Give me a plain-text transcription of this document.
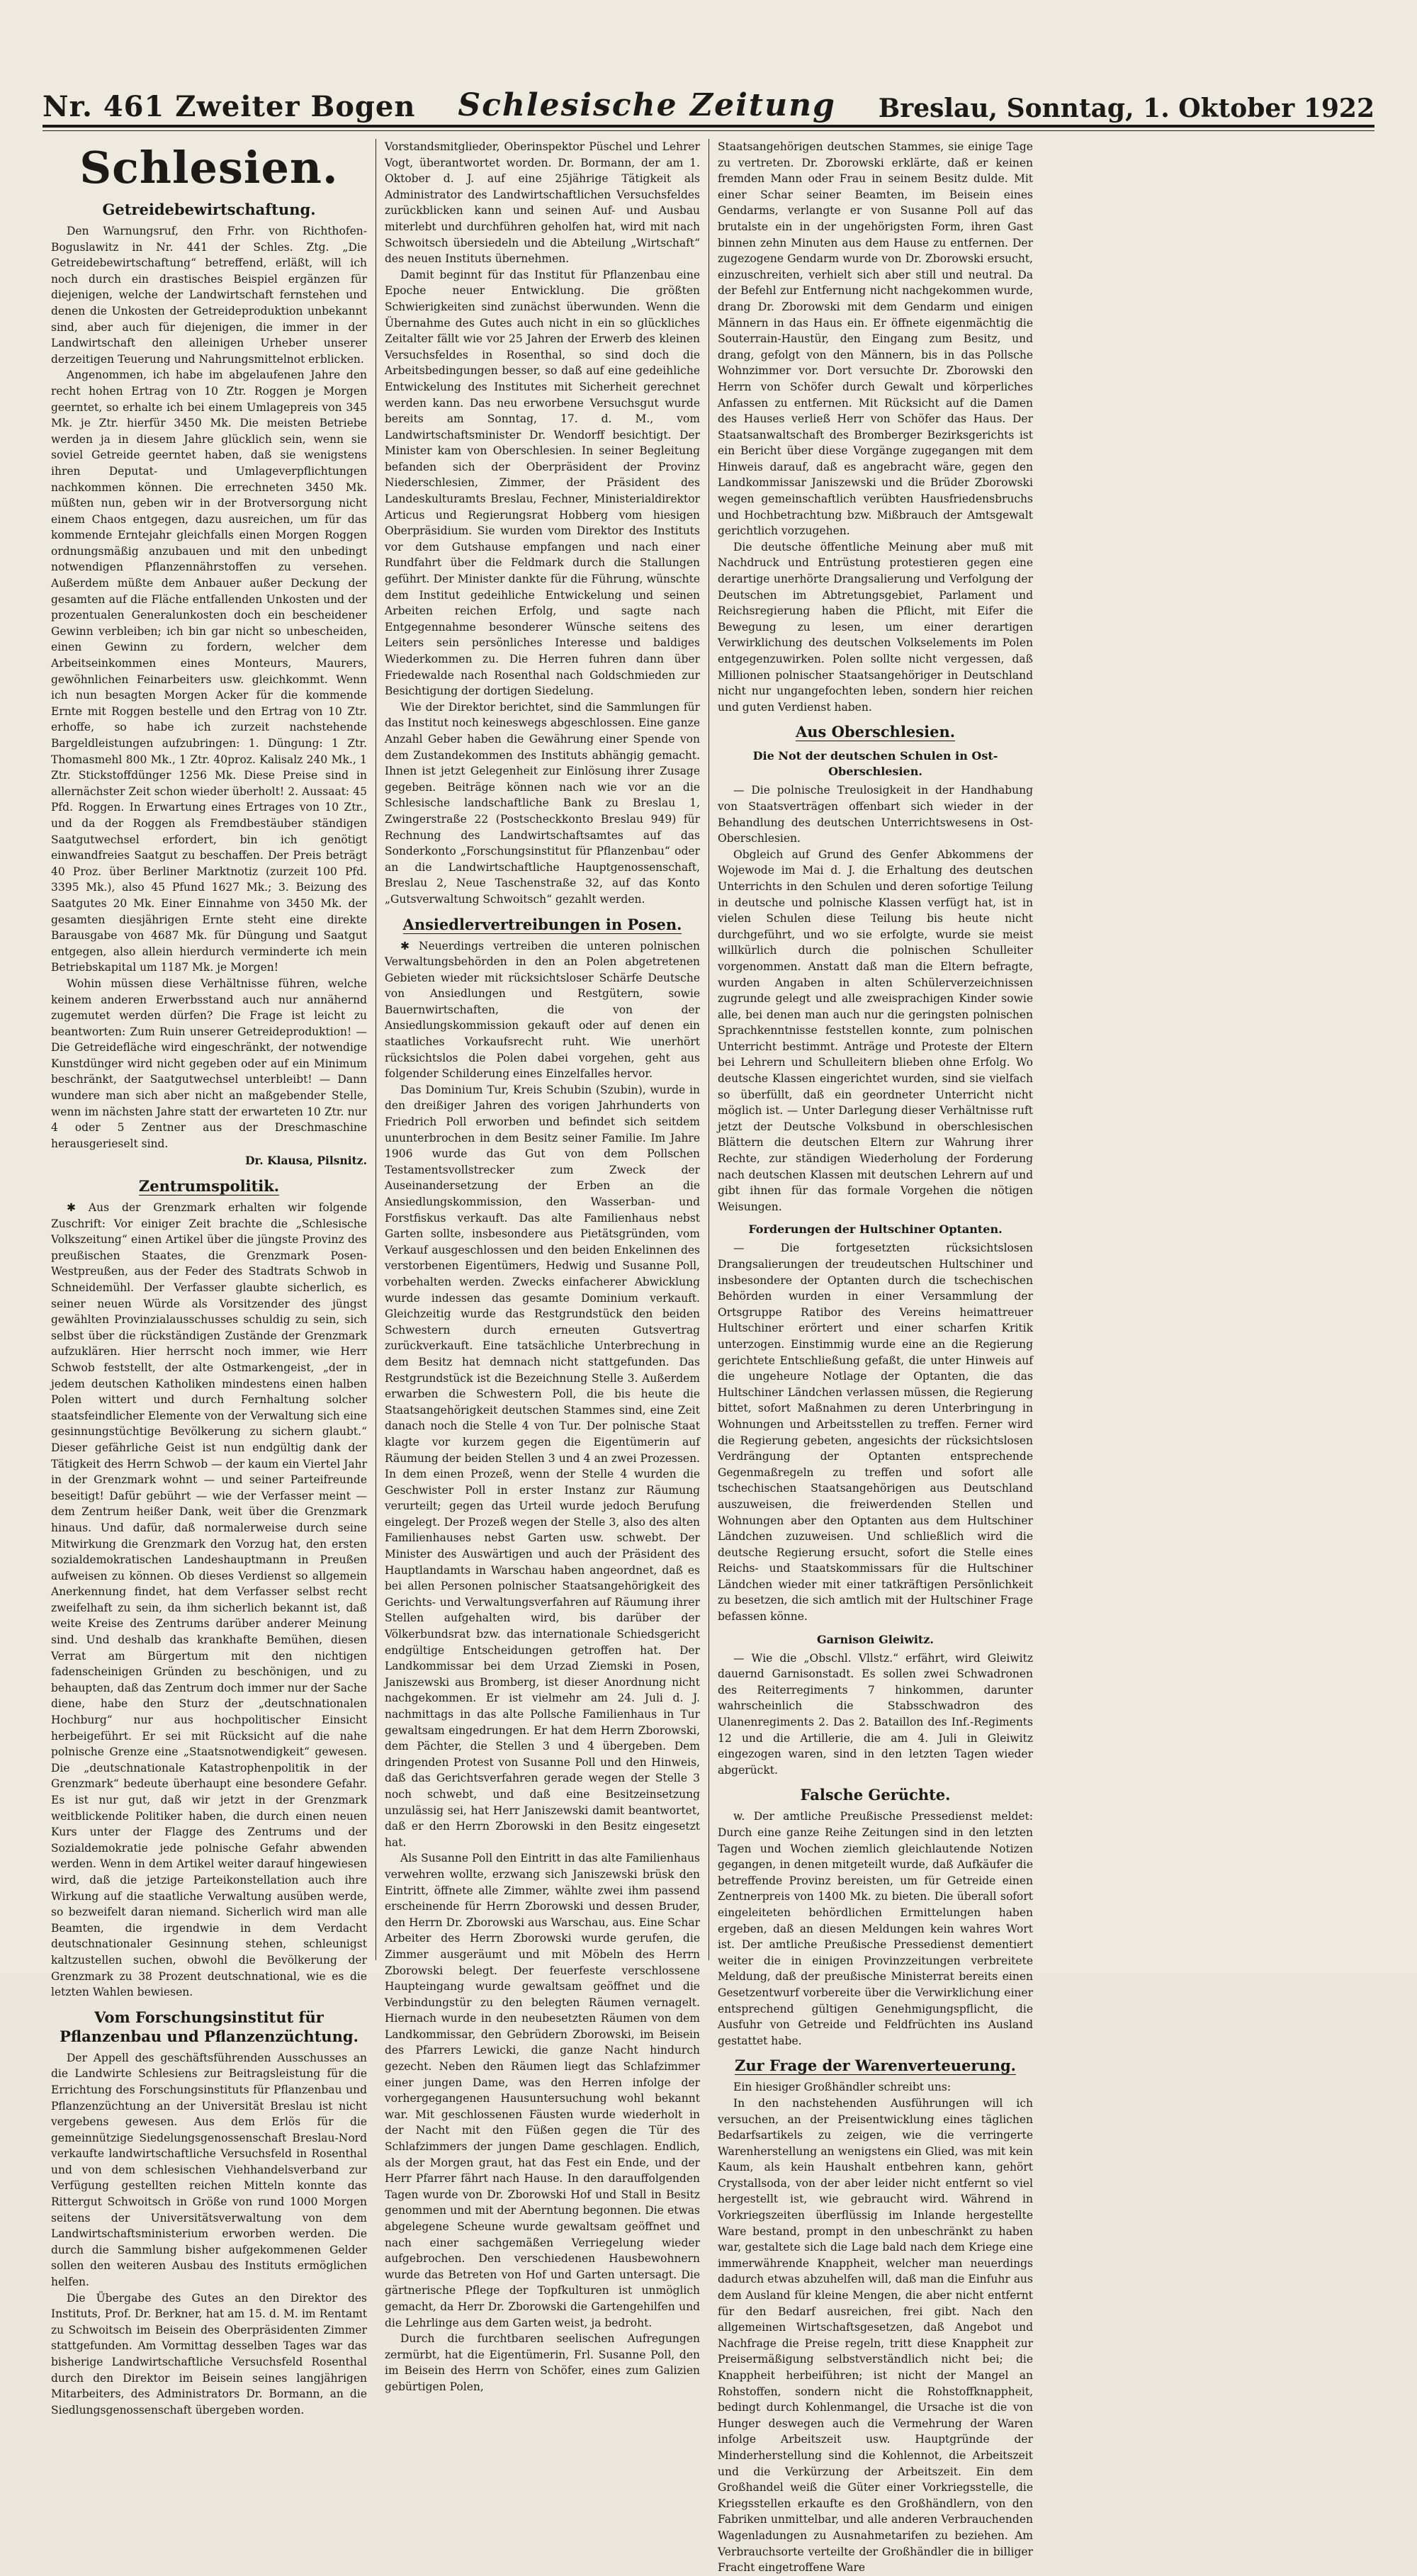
Nr. 461 Zweiter Bogen Schlesische Zeitung Breslau, Sonntag, 1. Oktober 1922
Schlesien.
Getreidebewirtschaftung.

Den Warnungsruf, den Frhr. von Richthofen-Boguslawitz in Nr. 441 der Schles. Ztg. „Die Getreidebewirtschaftung“ betreffend, erläßt, will ich noch durch ein drastisches Beispiel ergänzen für diejenigen, welche der Landwirtschaft fernstehen und denen die Unkosten der Getreideproduktion unbekannt sind, aber auch für diejenigen, die immer in der Landwirtschaft den alleinigen Urheber unserer derzeitigen Teuerung und Nahrungsmittelnot erblicken.

Angenommen, ich habe im abgelaufenen Jahre den recht hohen Ertrag von 10 Ztr. Roggen je Morgen geerntet, so erhalte ich bei einem Umlagepreis von 345 Mk. je Ztr. hierfür 3450 Mk. Die meisten Betriebe werden ja in diesem Jahre glücklich sein, wenn sie soviel Getreide geerntet haben, daß sie wenigstens ihren Deputat- und Umlageverpflichtungen nachkommen können. Die errechneten 3450 Mk. müßten nun, geben wir in der Brotversorgung nicht einem Chaos entgegen, dazu ausreichen, um für das kommende Erntejahr gleichfalls einen Morgen Roggen ordnungsmäßig anzubauen und mit den unbedingt notwendigen Pflanzennährstoffen zu versehen. Außerdem müßte dem Anbauer außer Deckung der gesamten auf die Fläche entfallenden Unkosten und der prozentualen Generalunkosten doch ein bescheidener Gewinn verbleiben; ich bin gar nicht so unbescheiden, einen Gewinn zu fordern, welcher dem Arbeitseinkommen eines Monteurs, Maurers, gewöhnlichen Feinarbeiters usw. gleichkommt. Wenn ich nun besagten Morgen Acker für die kommende Ernte mit Roggen bestelle und den Ertrag von 10 Ztr. erhoffe, so habe ich zurzeit nachstehende Bargeldleistungen aufzubringen: 1. Düngung: 1 Ztr. Thomasmehl 800 Mk., 1 Ztr. 40proz. Kalisalz 240 Mk., 1 Ztr. Stickstoffdünger 1256 Mk. Diese Preise sind in allernächster Zeit schon wieder überholt! 2. Aussaat: 45 Pfd. Roggen. In Erwartung eines Ertrages von 10 Ztr., und da der Roggen als Fremdbestäuber ständigen Saatgutwechsel erfordert, bin ich genötigt einwandfreies Saatgut zu beschaffen. Der Preis beträgt 40 Proz. über Berliner Marktnotiz (zurzeit 100 Pfd. 3395 Mk.), also 45 Pfund 1627 Mk.; 3. Beizung des Saatgutes 20 Mk. Einer Einnahme von 3450 Mk. der gesamten diesjährigen Ernte steht eine direkte Barausgabe von 4687 Mk. für Düngung und Saatgut entgegen, also allein hierdurch verminderte ich mein Betriebskapital um 1187 Mk. je Morgen!

Wohin müssen diese Verhältnisse führen, welche keinem anderen Erwerbsstand auch nur annähernd zugemutet werden dürfen? Die Frage ist leicht zu beantworten: Zum Ruin unserer Getreideproduktion! — Die Getreidefläche wird eingeschränkt, der notwendige Kunstdünger wird nicht gegeben oder auf ein Minimum beschränkt, der Saatgutwechsel unterbleibt! — Dann wundere man sich aber nicht an maßgebender Stelle, wenn im nächsten Jahre statt der erwarteten 10 Ztr. nur 4 oder 5 Zentner aus der Dreschmaschine herausgerieselt sind.

Dr. Klausa, Pilsnitz.
Zentrumspolitik.

✱ Aus der Grenzmark erhalten wir folgende Zuschrift: Vor einiger Zeit brachte die „Schlesische Volkszeitung“ einen Artikel über die jüngste Provinz des preußischen Staates, die Grenzmark Posen-Westpreußen, aus der Feder des Stadtrats Schwob in Schneidemühl. Der Verfasser glaubte sicherlich, es seiner neuen Würde als Vorsitzender des jüngst gewählten Provinzialausschusses schuldig zu sein, sich selbst über die rückständigen Zustände der Grenzmark aufzuklären. Hier herrscht noch immer, wie Herr Schwob feststellt, der alte Ostmarkengeist, „der in jedem deutschen Katholiken mindestens einen halben Polen wittert und durch Fernhaltung solcher staatsfeindlicher Elemente von der Verwaltung sich eine gesinnungstüchtige Bevölkerung zu sichern glaubt.“ Dieser gefährliche Geist ist nun endgültig dank der Tätigkeit des Herrn Schwob — der kaum ein Viertel Jahr in der Grenzmark wohnt — und seiner Parteifreunde beseitigt! Dafür gebührt — wie der Verfasser meint — dem Zentrum heißer Dank, weit über die Grenzmark hinaus. Und dafür, daß normalerweise durch seine Mitwirkung die Grenzmark den Vorzug hat, den ersten sozialdemokratischen Landeshauptmann in Preußen aufweisen zu können. Ob dieses Verdienst so allgemein Anerkennung findet, hat dem Verfasser selbst recht zweifelhaft zu sein, da ihm sicherlich bekannt ist, daß weite Kreise des Zentrums darüber anderer Meinung sind. Und deshalb das krankhafte Bemühen, diesen Verrat am Bürgertum mit den nichtigen fadenscheinigen Gründen zu beschönigen, und zu behaupten, daß das Zentrum doch immer nur der Sache diene, habe den Sturz der „deutschnationalen Hochburg“ nur aus hochpolitischer Einsicht herbeigeführt. Er sei mit Rücksicht auf die nahe polnische Grenze eine „Staatsnotwendigkeit“ gewesen. Die „deutschnationale Katastrophenpolitik in der Grenzmark“ bedeute überhaupt eine besondere Gefahr. Es ist nur gut, daß wir jetzt in der Grenzmark weitblickende Politiker haben, die durch einen neuen Kurs unter der Flagge des Zentrums und der Sozialdemokratie jede polnische Gefahr abwenden werden. Wenn in dem Artikel weiter darauf hingewiesen wird, daß die jetzige Parteikonstellation auch ihre Wirkung auf die staatliche Verwaltung ausüben werde, so bezweifelt daran niemand. Sicherlich wird man alle Beamten, die irgendwie in dem Verdacht deutschnationaler Gesinnung stehen, schleunigst kaltzustellen suchen, obwohl die Bevölkerung der Grenzmark zu 38 Prozent deutschnational, wie es die letzten Wahlen bewiesen.

Vom Forschungsinstitut für Pflanzenbau und Pflanzenzüchtung.

Der Appell des geschäftsführenden Ausschusses an die Landwirte Schlesiens zur Beitragsleistung für die Errichtung des Forschungsinstituts für Pflanzenbau und Pflanzenzüchtung an der Universität Breslau ist nicht vergebens gewesen. Aus dem Erlös für die gemeinnützige Siedelungsgenossenschaft Breslau-Nord verkaufte landwirtschaftliche Versuchsfeld in Rosenthal und von dem schlesischen Viehhandelsverband zur Verfügung gestellten reichen Mitteln konnte das Rittergut Schwoitsch in Größe von rund 1000 Morgen seitens der Universitätsverwaltung von dem Landwirtschaftsministerium erworben werden. Die durch die Sammlung bisher aufgekommenen Gelder sollen den weiteren Ausbau des Instituts ermöglichen helfen.

Die Übergabe des Gutes an den Direktor des Instituts, Prof. Dr. Berkner, hat am 15. d. M. im Rentamt zu Schwoitsch im Beisein des Oberpräsidenten Zimmer stattgefunden. Am Vormittag desselben Tages war das bisherige Landwirtschaftliche Versuchsfeld Rosenthal durch den Direktor im Beisein seines langjährigen Mitarbeiters, des Administrators Dr. Bormann, an die Siedlungsgenossenschaft übergeben worden.

Vorstandsmitglieder, Oberinspektor Püschel und Lehrer Vogt, überantwortet worden. Dr. Bormann, der am 1. Oktober d. J. auf eine 25jährige Tätigkeit als Administrator des Landwirtschaftlichen Versuchsfeldes zurückblicken kann und seinen Auf- und Ausbau miterlebt und durchführen geholfen hat, wird mit nach Schwoitsch übersiedeln und die Abteilung „Wirtschaft“ des neuen Instituts übernehmen.

Damit beginnt für das Institut für Pflanzenbau eine Epoche neuer Entwicklung. Die größten Schwierigkeiten sind zunächst überwunden. Wenn die Übernahme des Gutes auch nicht in ein so glückliches Zeitalter fällt wie vor 25 Jahren der Erwerb des kleinen Versuchsfeldes in Rosenthal, so sind doch die Arbeitsbedingungen besser, so daß auf eine gedeihliche Entwickelung des Institutes mit Sicherheit gerechnet werden kann. Das neu erworbene Versuchsgut wurde bereits am Sonntag, 17. d. M., vom Landwirtschaftsminister Dr. Wendorff besichtigt. Der Minister kam von Oberschlesien. In seiner Begleitung befanden sich der Oberpräsident der Provinz Niederschlesien, Zimmer, der Präsident des Landeskulturamts Breslau, Fechner, Ministerialdirektor Articus und Regierungsrat Hobberg vom hiesigen Oberpräsidium. Sie wurden vom Direktor des Instituts vor dem Gutshause empfangen und nach einer Rundfahrt über die Feldmark durch die Stallungen geführt. Der Minister dankte für die Führung, wünschte dem Institut gedeihliche Entwickelung und seinen Arbeiten reichen Erfolg, und sagte nach Entgegennahme besonderer Wünsche seitens des Leiters sein persönliches Interesse und baldiges Wiederkommen zu. Die Herren fuhren dann über Friedewalde nach Rosenthal nach Goldschmieden zur Besichtigung der dortigen Siedelung.

Wie der Direktor berichtet, sind die Sammlungen für das Institut noch keineswegs abgeschlossen. Eine ganze Anzahl Geber haben die Gewährung einer Spende von dem Zustandekommen des Instituts abhängig gemacht. Ihnen ist jetzt Gelegenheit zur Einlösung ihrer Zusage gegeben. Beiträge können nach wie vor an die Schlesische landschaftliche Bank zu Breslau 1, Zwingerstraße 22 (Postscheckkonto Breslau 949) für Rechnung des Landwirtschaftsamtes auf das Sonderkonto „Forschungsinstitut für Pflanzenbau“ oder an die Landwirtschaftliche Hauptgenossenschaft, Breslau 2, Neue Taschenstraße 32, auf das Konto „Gutsverwaltung Schwoitsch“ gezahlt werden.

Ansiedlervertreibungen in Posen.

✱ Neuerdings vertreiben die unteren polnischen Verwaltungsbehörden in den an Polen abgetretenen Gebieten wieder mit rücksichtsloser Schärfe Deutsche von Ansiedlungen und Restgütern, sowie Bauernwirtschaften, die von der Ansiedlungskommission gekauft oder auf denen ein staatliches Vorkaufsrecht ruht. Wie unerhört rücksichtslos die Polen dabei vorgehen, geht aus folgender Schilderung eines Einzelfalles hervor.

Das Dominium Tur, Kreis Schubin (Szubin), wurde in den dreißiger Jahren des vorigen Jahrhunderts von Friedrich Poll erworben und befindet sich seitdem ununterbrochen in dem Besitz seiner Familie. Im Jahre 1906 wurde das Gut von dem Pollschen Testamentsvollstrecker zum Zweck der Auseinandersetzung der Erben an die Ansiedlungskommission, den Wasserban- und Forstfiskus verkauft. Das alte Familienhaus nebst Garten sollte, insbesondere aus Pietätsgründen, vom Verkauf ausgeschlossen und den beiden Enkelinnen des verstorbenen Eigentümers, Hedwig und Susanne Poll, vorbehalten werden. Zwecks einfacherer Abwicklung wurde indessen das gesamte Dominium verkauft. Gleichzeitig wurde das Restgrundstück den beiden Schwestern durch erneuten Gutsvertrag zurückverkauft. Eine tatsächliche Unterbrechung in dem Besitz hat demnach nicht stattgefunden. Das Restgrundstück ist die Bezeichnung Stelle 3. Außerdem erwarben die Schwestern Poll, die bis heute die Staatsangehörigkeit deutschen Stammes sind, eine Zeit danach noch die Stelle 4 von Tur. Der polnische Staat klagte vor kurzem gegen die Eigentümerin auf Räumung der beiden Stellen 3 und 4 an zwei Prozessen. In dem einen Prozeß, wenn der Stelle 4 wurden die Geschwister Poll in erster Instanz zur Räumung verurteilt; gegen das Urteil wurde jedoch Berufung eingelegt. Der Prozeß wegen der Stelle 3, also des alten Familienhauses nebst Garten usw. schwebt. Der Minister des Auswärtigen und auch der Präsident des Hauptlandamts in Warschau haben angeordnet, daß es bei allen Personen polnischer Staatsangehörigkeit des Gerichts- und Verwaltungsverfahren auf Räumung ihrer Stellen aufgehalten wird, bis darüber der Völkerbundsrat bzw. das internationale Schiedsgericht endgültige Entscheidungen getroffen hat. Der Landkommissar bei dem Urzad Ziemski in Posen, Janiszewski aus Bromberg, ist dieser Anordnung nicht nachgekommen. Er ist vielmehr am 24. Juli d. J. nachmittags in das alte Pollsche Familienhaus in Tur gewaltsam eingedrungen. Er hat dem Herrn Zborowski, dem Pächter, die Stellen 3 und 4 übergeben. Dem dringenden Protest von Susanne Poll und den Hinweis, daß das Gerichtsverfahren gerade wegen der Stelle 3 noch schwebt, und daß eine Besitzeinsetzung unzulässig sei, hat Herr Janiszewski damit beantwortet, daß er den Herrn Zborowski in den Besitz eingesetzt hat.

Als Susanne Poll den Eintritt in das alte Familienhaus verwehren wollte, erzwang sich Janiszewski brüsk den Eintritt, öffnete alle Zimmer, wählte zwei ihm passend erscheinende für Herrn Zborowski und dessen Bruder, den Herrn Dr. Zborowski aus Warschau, aus. Eine Schar Arbeiter des Herrn Zborowski wurde gerufen, die Zimmer ausgeräumt und mit Möbeln des Herrn Zborowski belegt. Der feuerfeste verschlossene Haupteingang wurde gewaltsam geöffnet und die Verbindungstür zu den belegten Räumen vernagelt. Hiernach wurde in den neubesetzten Räumen von dem Landkommissar, den Gebrüdern Zborowski, im Beisein des Pfarrers Lewicki, die ganze Nacht hindurch gezecht. Neben den Räumen liegt das Schlafzimmer einer jungen Dame, was den Herren infolge der vorhergegangenen Hausuntersuchung wohl bekannt war. Mit geschlossenen Fäusten wurde wiederholt in der Nacht mit den Füßen gegen die Tür des Schlafzimmers der jungen Dame geschlagen. Endlich, als der Morgen graut, hat das Fest ein Ende, und der Herr Pfarrer fährt nach Hause. In den darauffolgenden Tagen wurde von Dr. Zborowski Hof und Stall in Besitz genommen und mit der Aberntung begonnen. Die etwas abgelegene Scheune wurde gewaltsam geöffnet und nach einer sachgemäßen Verriegelung wieder aufgebrochen. Den verschiedenen Hausbewohnern wurde das Betreten von Hof und Garten untersagt. Die gärtnerische Pflege der Topfkulturen ist unmöglich gemacht, da Herr Dr. Zborowski die Gartengehilfen und die Lehrlinge aus dem Garten weist, ja bedroht.

Durch die furchtbaren seelischen Aufregungen zermürbt, hat die Eigentümerin, Frl. Susanne Poll, den im Beisein des Herrn von Schöfer, eines zum Galizien gebürtigen Polen,

Staatsangehörigen deutschen Stammes, sie einige Tage zu vertreten. Dr. Zborowski erklärte, daß er keinen fremden Mann oder Frau in seinem Besitz dulde. Mit einer Schar seiner Beamten, im Beisein eines Gendarms, verlangte er von Susanne Poll auf das brutalste ein in der ungehörigsten Form, ihren Gast binnen zehn Minuten aus dem Hause zu entfernen. Der zugezogene Gendarm wurde von Dr. Zborowski ersucht, einzuschreiten, verhielt sich aber still und neutral. Da der Befehl zur Entfernung nicht nachgekommen wurde, drang Dr. Zborowski mit dem Gendarm und einigen Männern in das Haus ein. Er öffnete eigenmächtig die Souterrain-Haustür, den Eingang zum Besitz, und drang, gefolgt von den Männern, bis in das Pollsche Wohnzimmer vor. Dort versuchte Dr. Zborowski den Herrn von Schöfer durch Gewalt und körperliches Anfassen zu entfernen. Mit Rücksicht auf die Damen des Hauses verließ Herr von Schöfer das Haus. Der Staatsanwaltschaft des Bromberger Bezirksgerichts ist ein Bericht über diese Vorgänge zugegangen mit dem Hinweis darauf, daß es angebracht wäre, gegen den Landkommissar Janiszewski und die Brüder Zborowski wegen gemeinschaftlich verübten Hausfriedensbruchs und Hochbetrachtung bzw. Mißbrauch der Amtsgewalt gerichtlich vorzugehen.

Die deutsche öffentliche Meinung aber muß mit Nachdruck und Entrüstung protestieren gegen eine derartige unerhörte Drangsalierung und Verfolgung der Deutschen im Abtretungsgebiet, Parlament und Reichsregierung haben die Pflicht, mit Eifer die Bewegung zu lesen, um einer derartigen Verwirklichung des deutschen Volkselements im Polen entgegenzuwirken. Polen sollte nicht vergessen, daß Millionen polnischer Staatsangehöriger in Deutschland nicht nur ungangefochten leben, sondern hier reichen und guten Verdienst haben.

Aus Oberschlesien.
Die Not der deutschen Schulen in Ost-Oberschlesien.

— Die polnische Treulosigkeit in der Handhabung von Staatsverträgen offenbart sich wieder in der Behandlung des deutschen Unterrichtswesens in Ost-Oberschlesien.

Obgleich auf Grund des Genfer Abkommens der Wojewode im Mai d. J. die Erhaltung des deutschen Unterrichts in den Schulen und deren sofortige Teilung in deutsche und polnische Klassen verfügt hat, ist in vielen Schulen diese Teilung bis heute nicht durchgeführt, und wo sie erfolgte, wurde sie meist willkürlich durch die polnischen Schulleiter vorgenommen. Anstatt daß man die Eltern befragte, wurden Angaben in alten Schülerverzeichnissen zugrunde gelegt und alle zweisprachigen Kinder sowie alle, bei denen man auch nur die geringsten polnischen Sprachkenntnisse feststellen konnte, zum polnischen Unterricht bestimmt. Anträge und Proteste der Eltern bei Lehrern und Schulleitern blieben ohne Erfolg. Wo deutsche Klassen eingerichtet wurden, sind sie vielfach so überfüllt, daß ein geordneter Unterricht nicht möglich ist. — Unter Darlegung dieser Verhältnisse ruft jetzt der Deutsche Volksbund in oberschlesischen Blättern die deutschen Eltern zur Wahrung ihrer Rechte, zur ständigen Wiederholung der Forderung nach deutschen Klassen mit deutschen Lehrern auf und gibt ihnen für das formale Vorgehen die nötigen Weisungen.

Forderungen der Hultschiner Optanten.

— Die fortgesetzten rücksichtslosen Drangsalierungen der treudeutschen Hultschiner und insbesondere der Optanten durch die tschechischen Behörden wurden in einer Versammlung der Ortsgruppe Ratibor des Vereins heimattreuer Hultschiner erörtert und einer scharfen Kritik unterzogen. Einstimmig wurde eine an die Regierung gerichtete Entschließung gefaßt, die unter Hinweis auf die ungeheure Notlage der Optanten, die das Hultschiner Ländchen verlassen müssen, die Regierung bittet, sofort Maßnahmen zu deren Unterbringung in Wohnungen und Arbeitsstellen zu treffen. Ferner wird die Regierung gebeten, angesichts der rücksichtslosen Verdrängung der Optanten entsprechende Gegenmaßregeln zu treffen und sofort alle tschechischen Staatsangehörigen aus Deutschland auszuweisen, die freiwerdenden Stellen und Wohnungen aber den Optanten aus dem Hultschiner Ländchen zuzuweisen. Und schließlich wird die deutsche Regierung ersucht, sofort die Stelle eines Reichs- und Staatskommissars für die Hultschiner Ländchen wieder mit einer tatkräftigen Persönlichkeit zu besetzen, die sich amtlich mit der Hultschiner Frage befassen könne.

Garnison Gleiwitz.

— Wie die „Obschl. Vllstz.“ erfährt, wird Gleiwitz dauernd Garnisonstadt. Es sollen zwei Schwadronen des Reiterregiments 7 hinkommen, darunter wahrscheinlich die Stabsschwadron des Ulanenregiments 2. Das 2. Bataillon des Inf.-Regiments 12 und die Artillerie, die am 4. Juli in Gleiwitz eingezogen waren, sind in den letzten Tagen wieder abgerückt.

Falsche Gerüchte.

w. Der amtliche Preußische Pressedienst meldet: Durch eine ganze Reihe Zeitungen sind in den letzten Tagen und Wochen ziemlich gleichlautende Notizen gegangen, in denen mitgeteilt wurde, daß Aufkäufer die betreffende Provinz bereisten, um für Getreide einen Zentnerpreis von 1400 Mk. zu bieten. Die überall sofort eingeleiteten behördlichen Ermittelungen haben ergeben, daß an diesen Meldungen kein wahres Wort ist. Der amtliche Preußische Pressedienst dementiert weiter die in einigen Provinzzeitungen verbreitete Meldung, daß der preußische Ministerrat bereits einen Gesetzentwurf vorbereite über die Verwirklichung einer entsprechend gültigen Genehmigungspflicht, die Ausfuhr von Getreide und Feldfrüchten ins Ausland gestattet habe.

Zur Frage der Warenverteuerung.

Ein hiesiger Großhändler schreibt uns:

In den nachstehenden Ausführungen will ich versuchen, an der Preisentwicklung eines täglichen Bedarfsartikels zu zeigen, wie die verringerte Warenherstellung an wenigstens ein Glied, was mit kein Kaum, als kein Haushalt entbehren kann, gehört Crystallsoda, von der aber leider nicht entfernt so viel hergestellt ist, wie gebraucht wird. Während in Vorkriegszeiten überflüssig im Inlande hergestellte Ware bestand, prompt in den unbeschränkt zu haben war, gestaltete sich die Lage bald nach dem Kriege eine immerwährende Knappheit, welcher man neuerdings dadurch etwas abzuhelfen will, daß man die Einfuhr aus dem Ausland für kleine Mengen, die aber nicht entfernt für den Bedarf ausreichen, frei gibt. Nach den allgemeinen Wirtschaftsgesetzen, daß Angebot und Nachfrage die Preise regeln, tritt diese Knappheit zur Preisermäßigung selbstverständlich nicht bei; die Knappheit herbeiführen; ist nicht der Mangel an Rohstoffen, sondern nicht die Rohstoffknappheit, bedingt durch Kohlenmangel, die Ursache ist die von Hunger deswegen auch die Vermehrung der Waren infolge Arbeitszeit usw. Hauptgründe der Minderherstellung sind die Kohlennot, die Arbeitszeit und die Verkürzung der Arbeitszeit. Ein dem Großhandel weiß die Güter einer Vorkriegsstelle, die Kriegsstellen erkaufte es den Großhändlern, von den Fabriken unmittelbar, und alle anderen Verbrauchenden Wagenladungen zu Ausnahmetarifen zu beziehen. Am Verbrauchsorte verteilte der Großhändler die in billiger Fracht eingetroffene Ware
